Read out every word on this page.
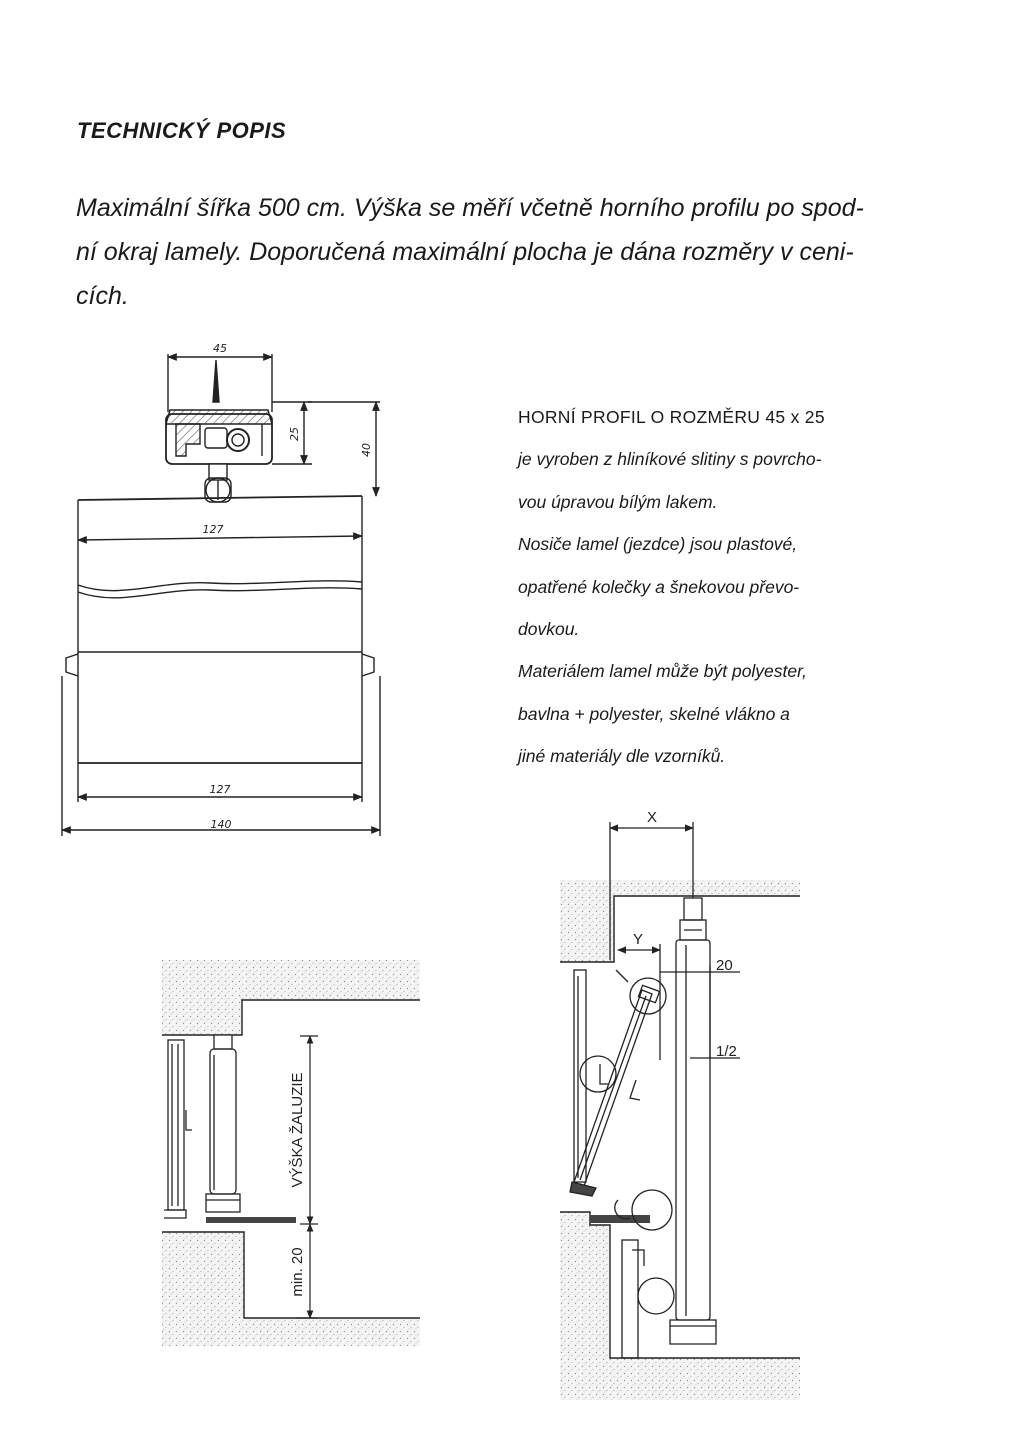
TECHNICKÝ POPIS

Maximální šířka 500 cm. Výška se měří včetně horního profilu po spod-

ní okraj lamely. Doporučená maximální plocha je dána rozměry v ceni-

cích.

HORNÍ PROFIL O ROZMĚRU 45 x 25

je vyroben z hliníkové slitiny s povrcho-

vou úpravou bílým lakem.

Nosiče lamel (jezdce) jsou plastové,

opatřené kolečky a šnekovou převo-

dovkou.

Materiálem lamel může být polyester,

bavlna + polyester, skelné vlákno a

jiné materiály dle vzorníků.

45
25
40
127
127
140
VÝŠKA ŽALUZIE
min. 20
X
Y
20
1/2
